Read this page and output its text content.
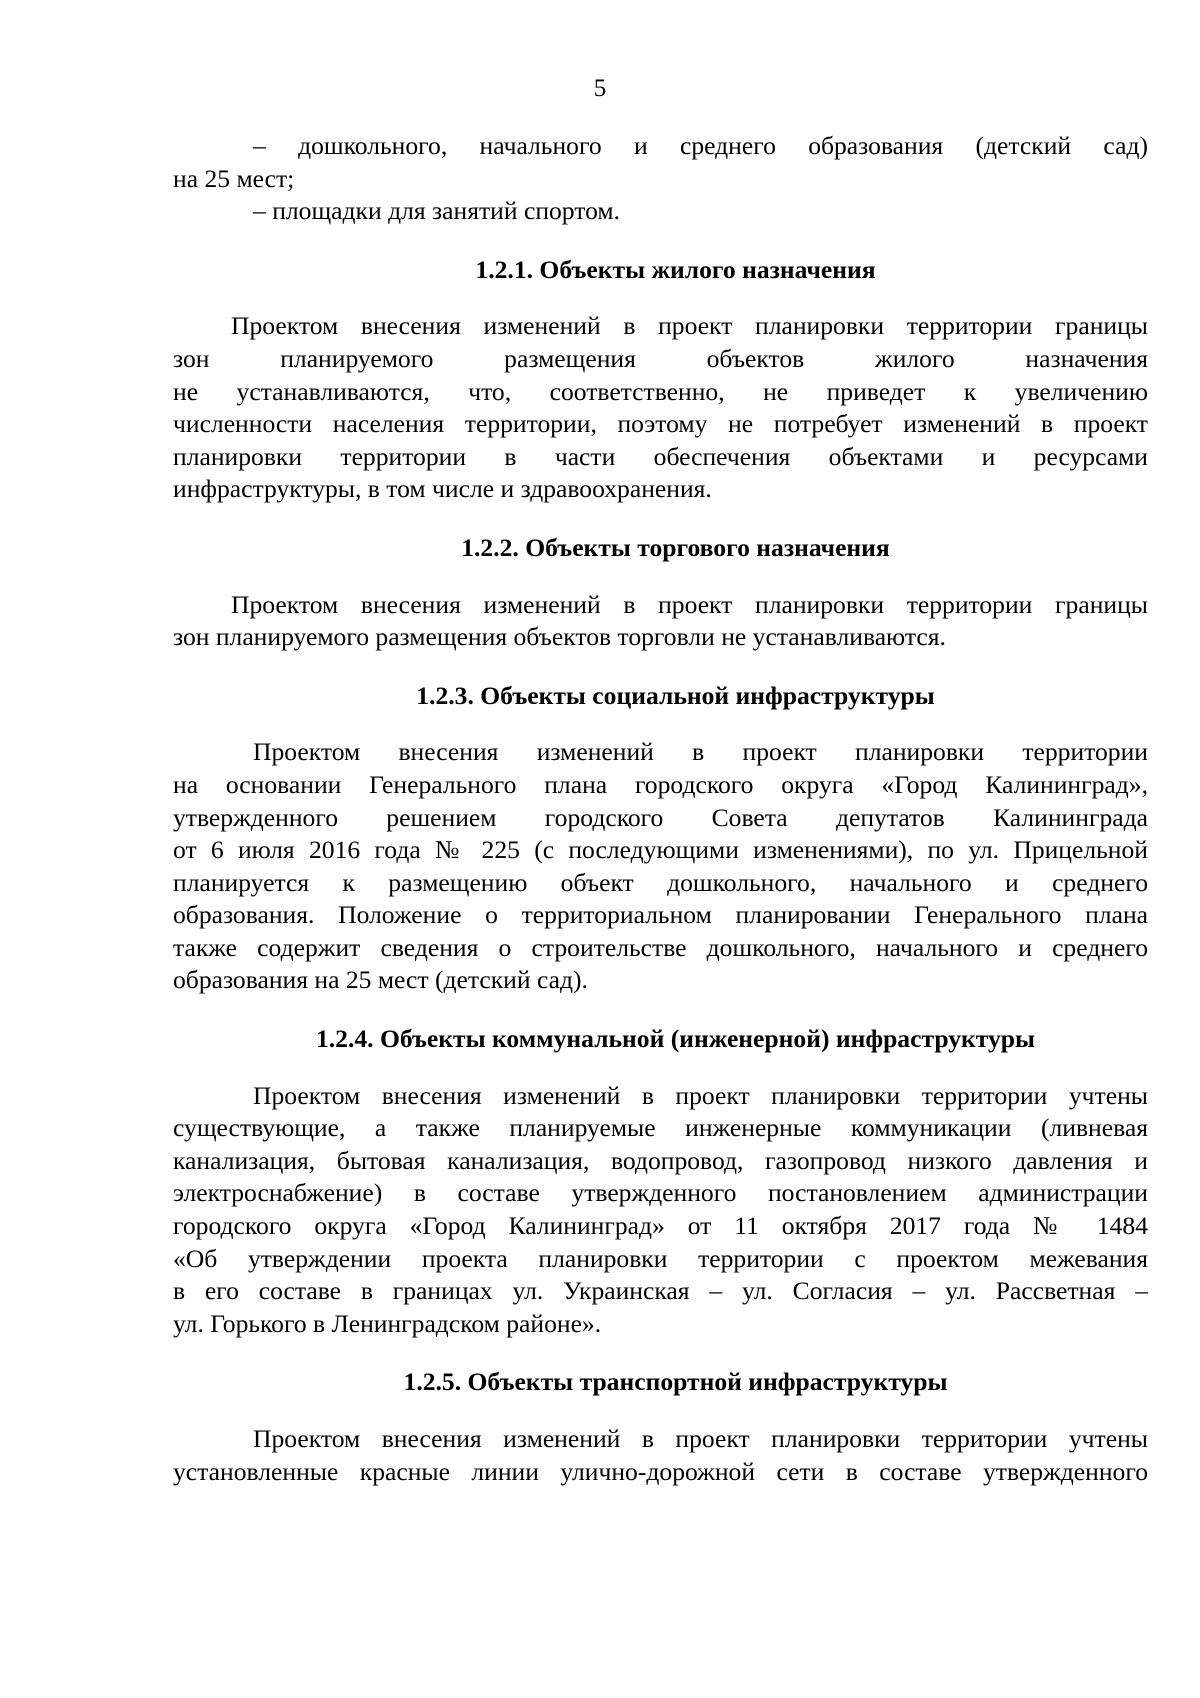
5
– дошкольного, начального и среднего образования (детский сад)
на 25 мест;
– площадки для занятий спортом.

1.2.1. Объекты жилого назначения

Проектом внесения изменений в проект планировки территории границы
зон планируемого размещения объектов жилого назначения
не устанавливаются, что, соответственно, не приведет к увеличению
численности населения территории, поэтому не потребует изменений в проект
планировки территории в части обеспечения объектами и ресурсами
инфраструктуры, в том числе и здравоохранения.

1.2.2. Объекты торгового назначения

Проектом внесения изменений в проект планировки территории границы
зон планируемого размещения объектов торговли не устанавливаются.

1.2.3. Объекты социальной инфраструктуры

Проектом внесения изменений в проект планировки территории
на основании Генерального плана городского округа «Город Калининград»,
утвержденного решением городского Совета депутатов Калининграда
от 6 июля 2016 года № 225 (с последующими изменениями), по ул. Прицельной
планируется к размещению объект дошкольного, начального и среднего
образования. Положение о территориальном планировании Генерального плана
также содержит сведения о строительстве дошкольного, начального и среднего
образования на 25 мест (детский сад).

1.2.4. Объекты коммунальной (инженерной) инфраструктуры

Проектом внесения изменений в проект планировки территории учтены
существующие, а также планируемые инженерные коммуникации (ливневая
канализация, бытовая канализация, водопровод, газопровод низкого давления и
электроснабжение) в составе утвержденного постановлением администрации
городского округа «Город Калининград» от 11 октября 2017 года № 1484
«Об утверждении проекта планировки территории с проектом межевания
в его составе в границах ул. Украинская – ул. Согласия – ул. Рассветная –
ул. Горького в Ленинградском районе».

1.2.5. Объекты транспортной инфраструктуры

Проектом внесения изменений в проект планировки территории учтены
установленные красные линии улично-дорожной сети в составе утвержденного
